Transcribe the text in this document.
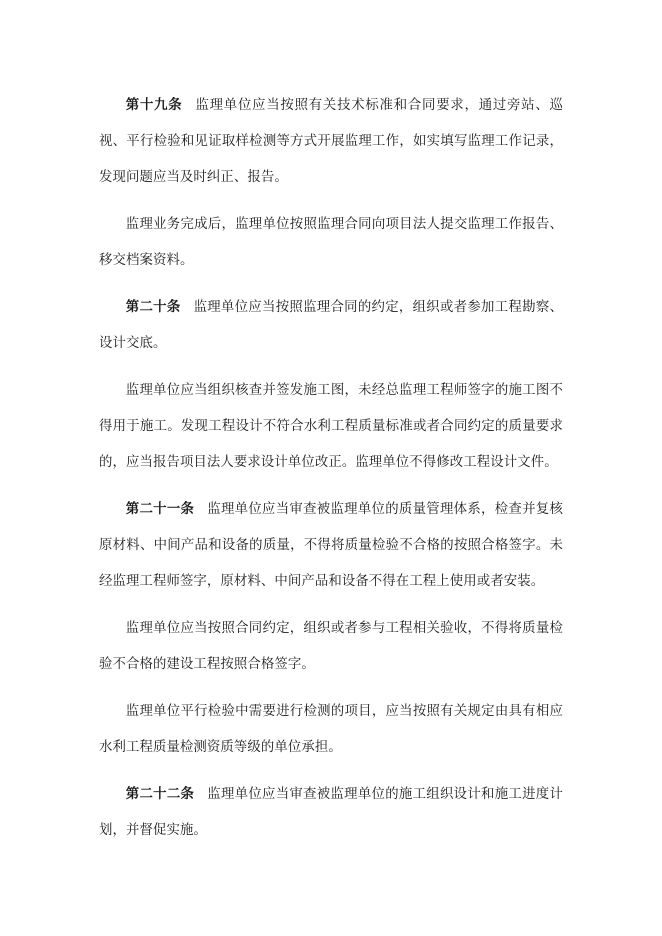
第十九条 监理单位应当按照有关技术标准和合同要求，通过旁站、巡视、平行检验和见证取样检测等方式开展监理工作，如实填写监理工作记录，发现问题应当及时纠正、报告。

监理业务完成后，监理单位按照监理合同向项目法人提交监理工作报告、移交档案资料。

第二十条 监理单位应当按照监理合同的约定，组织或者参加工程勘察、设计交底。

监理单位应当组织核查并签发施工图，未经总监理工程师签字的施工图不得用于施工。发现工程设计不符合水利工程质量标准或者合同约定的质量要求的，应当报告项目法人要求设计单位改正。监理单位不得修改工程设计文件。

第二十一条 监理单位应当审查被监理单位的质量管理体系，检查并复核原材料、中间产品和设备的质量，不得将质量检验不合格的按照合格签字。未经监理工程师签字，原材料、中间产品和设备不得在工程上使用或者安装。

监理单位应当按照合同约定，组织或者参与工程相关验收，不得将质量检验不合格的建设工程按照合格签字。

监理单位平行检验中需要进行检测的项目，应当按照有关规定由具有相应水利工程质量检测资质等级的单位承担。

第二十二条 监理单位应当审查被监理单位的施工组织设计和施工进度计划，并督促实施。
